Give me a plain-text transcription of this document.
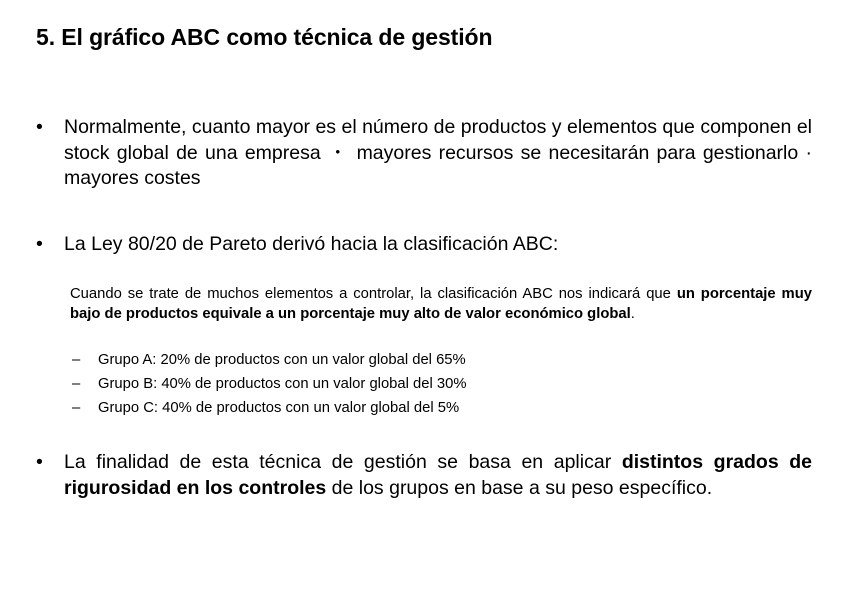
5. El gráfico ABC como técnica de gestión
•	Normalmente, cuanto mayor es el número de productos y elementos que componen el stock global de una empresa ・ mayores recursos se necesitarán para gestionarlo · mayores costes
•	La Ley 80/20 de Pareto derivó hacia la clasificación ABC:
Cuando se trate de muchos elementos a controlar, la clasificación ABC nos indicará que un porcentaje muy bajo de productos equivale a un porcentaje muy alto de valor económico global.
– Grupo A: 20% de productos con un valor global del 65%
– Grupo B: 40% de productos con un valor global del 30%
– Grupo C: 40% de productos con un valor global del 5%
•	La finalidad de esta técnica de gestión se basa en aplicar distintos grados de rigurosidad en los controles de los grupos en base a su peso específico.
